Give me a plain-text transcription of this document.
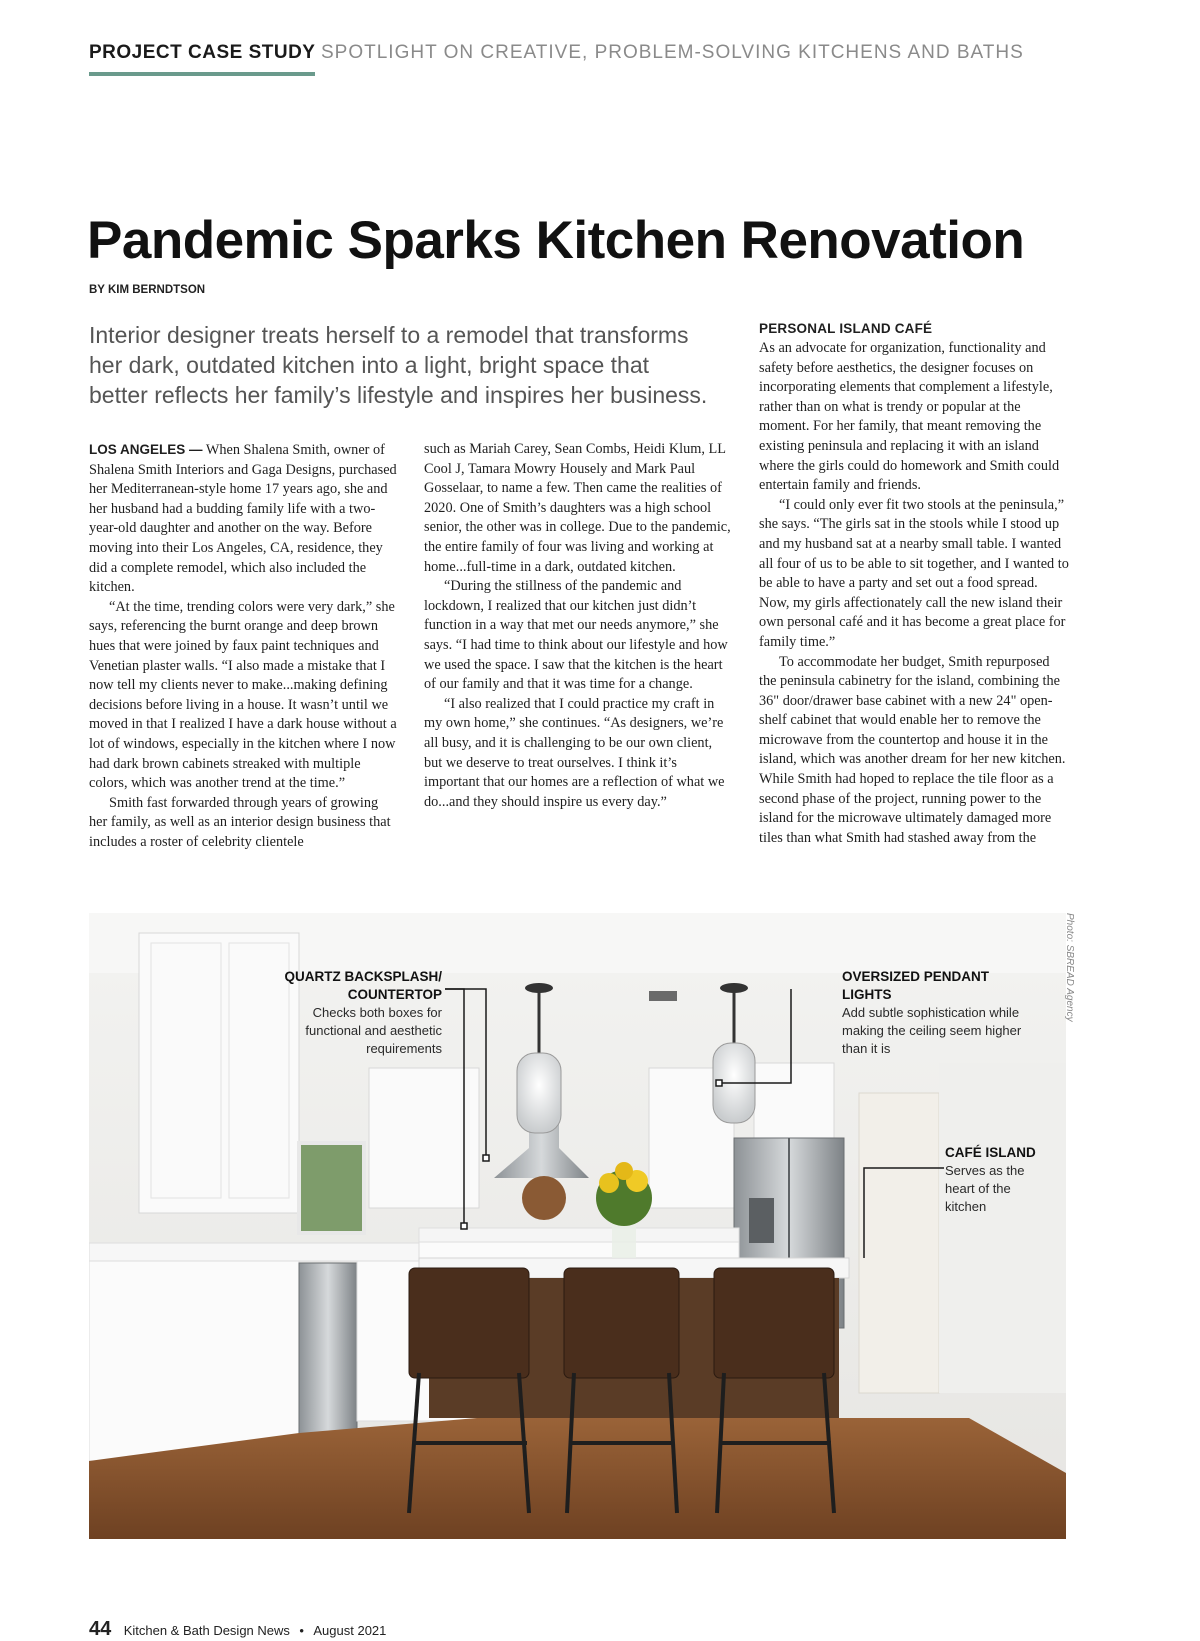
PROJECT CASE STUDY SPOTLIGHT ON CREATIVE, PROBLEM-SOLVING KITCHENS AND BATHS
Pandemic Sparks Kitchen Renovation
BY KIM BERNDTSON
Interior designer treats herself to a remodel that transforms her dark, outdated kitchen into a light, bright space that better reflects her family’s lifestyle and inspires her business.

LOS ANGELES — When Shalena Smith, owner of Shalena Smith Interiors and Gaga Designs, purchased her Mediterranean-style home 17 years ago, she and her husband had a budding family life with a two-year-old daughter and another on the way. Before moving into their Los Angeles, CA, residence, they did a complete remodel, which also included the kitchen.

“At the time, trending colors were very dark,” she says, referencing the burnt orange and deep brown hues that were joined by faux paint techniques and Venetian plaster walls. “I also made a mistake that I now tell my clients never to make...making defining decisions before living in a house. It wasn’t until we moved in that I realized I have a dark house without a lot of windows, especially in the kitchen where I now had dark brown cabinets streaked with multiple colors, which was another trend at the time.”

Smith fast forwarded through years of growing her family, as well as an interior design business that includes a roster of celebrity clientele

such as Mariah Carey, Sean Combs, Heidi Klum, LL Cool J, Tamara Mowry Housely and Mark Paul Gosselaar, to name a few. Then came the realities of 2020. One of Smith’s daughters was a high school senior, the other was in college. Due to the pandemic, the entire family of four was living and working at home...full-time in a dark, outdated kitchen.

“During the stillness of the pandemic and lockdown, I realized that our kitchen just didn’t function in a way that met our needs anymore,” she says. “I had time to think about our lifestyle and how we used the space. I saw that the kitchen is the heart of our family and that it was time for a change.

“I also realized that I could practice my craft in my own home,” she continues. “As designers, we’re all busy, and it is challenging to be our own client, but we deserve to treat ourselves. I think it’s important that our homes are a reflection of what we do...and they should inspire us every day.”

PERSONAL ISLAND CAFÉ

As an advocate for organization, functionality and safety before aesthetics, the designer focuses on incorporating elements that complement a lifestyle, rather than on what is trendy or popular at the moment. For her family, that meant removing the existing peninsula and replacing it with an island where the girls could do homework and Smith could entertain family and friends.

“I could only ever fit two stools at the peninsula,” she says. “The girls sat in the stools while I stood up and my husband sat at a nearby small table. I wanted all four of us to be able to sit together, and I wanted to be able to have a party and set out a food spread. Now, my girls affectionately call the new island their own personal café and it has become a great place for family time.”

To accommodate her budget, Smith repurposed the peninsula cabinetry for the island, combining the 36" door/drawer base cabinet with a new 24" open-shelf cabinet that would enable her to remove the microwave from the countertop and house it in the island, which was another dream for her new kitchen. While Smith had hoped to replace the tile floor as a second phase of the project, running power to the island for the microwave ultimately damaged more tiles than what Smith had stashed away from the

Photo: SBREAD Agency
QUARTZ BACKSPLASH/ COUNTERTOP
Checks both boxes for functional and aesthetic requirements
OVERSIZED PENDANT LIGHTS
Add subtle sophistication while making the ceiling seem higher than it is
CAFÉ ISLAND
Serves as the heart of the kitchen
44 Kitchen & Bath Design News • August 2021
